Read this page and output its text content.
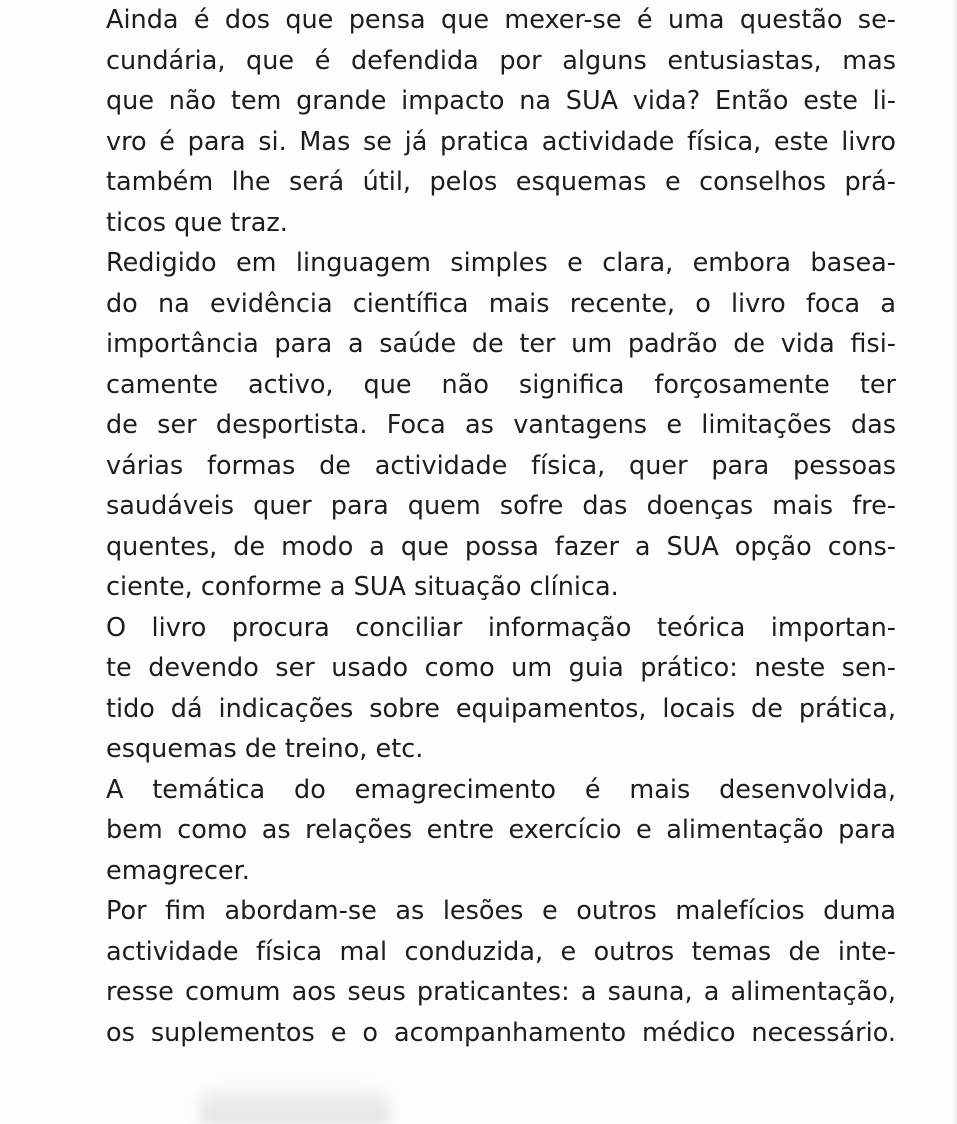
Ainda é dos que pensa que mexer-se é uma questão se-
cundária, que é defendida por alguns entusiastas, mas
que não tem grande impacto na SUA vida? Então este li-
vro é para si. Mas se já pratica actividade física, este livro
também lhe será útil, pelos esquemas e conselhos prá-
ticos que traz.

Redigido em linguagem simples e clara, embora basea-
do na evidência científica mais recente, o livro foca a
importância para a saúde de ter um padrão de vida fisi-
camente activo, que não significa forçosamente ter
de ser desportista. Foca as vantagens e limitações das
várias formas de actividade física, quer para pessoas
saudáveis quer para quem sofre das doenças mais fre-
quentes, de modo a que possa fazer a SUA opção cons-
ciente, conforme a SUA situação clínica.

O livro procura conciliar informação teórica importan-
te devendo ser usado como um guia prático: neste sen-
tido dá indicações sobre equipamentos, locais de prática,
esquemas de treino, etc.

A temática do emagrecimento é mais desenvolvida,
bem como as relações entre exercício e alimentação para
emagrecer.

Por fim abordam-se as lesões e outros malefícios duma
actividade física mal conduzida, e outros temas de inte-
resse comum aos seus praticantes: a sauna, a alimentação,
os suplementos e o acompanhamento médico necessário.
